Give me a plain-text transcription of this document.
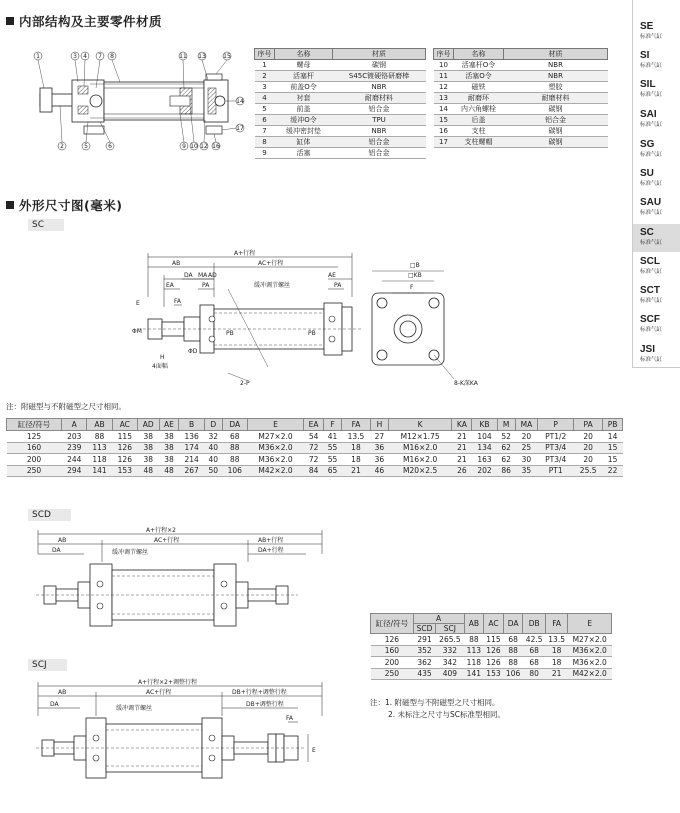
内部结构及主要零件材质
1	3 4 7 8	11 13	15
2	5	6	9 10 12 16
14
17
序号	名称	材质
1	螺母	碳钢
2	活塞杆	S45C镀硬铬研磨棒
3	前盖O令	NBR
4	衬套	耐磨材料
5	前盖	铝合金
6	缓冲O令	TPU
7	缓冲密封垫	NBR
8	缸体	铝合金
9	活塞	铝合金
序号	名称	材质
10	活塞杆O令	NBR
11	活塞O令	NBR
12	磁铁	塑胶
13	耐磨环	耐磨材料
14	内六角螺栓	碳钢
15	后盖	铝合金
16	支柱	碳钢
17	支柱螺帽	碳钢
外形尺寸图(毫米)
SC
A+行程
AC+行程
AB
DA MA AD	AE
EA
FA
PA	PA
E
ΦM
H
4面幅
ΦD
PB	PB
2-P
缓冲调节螺丝
□B
□KB
F
8-K深KA
注：附磁型与不附磁型之尺寸相同。
缸径/符号	A	AB	AC	AD	AE	B	D	DA	E	EA	F	FA	H	K	KA	KB	M	MA	P	PA	PB
125	203	88	115	38	38	136	32	68	M27×2.0	54	41	13.5	27	M12×1.75	21	104	52	20	PT1/2	20	14
160	239	113	126	38	38	174	40	88	M36×2.0	72	55	18	36	M16×2.0	21	134	62	25	PT3/4	20	15
200	244	118	126	38	38	214	40	88	M36×2.0	72	55	18	36	M16×2.0	21	163	62	30	PT3/4	20	15
250	294	141	153	48	48	267	50	106	M42×2.0	84	65	21	46	M20×2.5	26	202	86	35	PT1	25.5	22
SCD
A+行程×2
AC+行程
AB
DA
AB+行程
DA+行程
缓冲调节螺丝
缸径/符号	A		AB	AC	DA	DB	FA	E
	SCD	SCJ						
126	291	265.5	88	115	68	42.5	13.5	M27×2.0
160	352	332	113	126	88	68	18	M36×2.0
200	362	342	118	126	88	68	18	M36×2.0
250	435	409	141	153	106	80	21	M42×2.0
注：1. 附磁型与不附磁型之尺寸相同。
2. 未标注之尺寸与SC标准型相同。
SCJ
A+行程×2+调整行程
AC+行程
AB
DA
DB+行程+调整行程
DB+调整行程
缓冲调节螺丝
FA
E
SE
标准气缸
SI
标准气缸
SIL
标准气缸
SAI
标准气缸
SG
标准气缸
SU
标准气缸
SAU
标准气缸
SC
标准气缸
SCL
标准气缸
SCT
标准气缸
SCF
标准气缸
JSI
标准气缸
